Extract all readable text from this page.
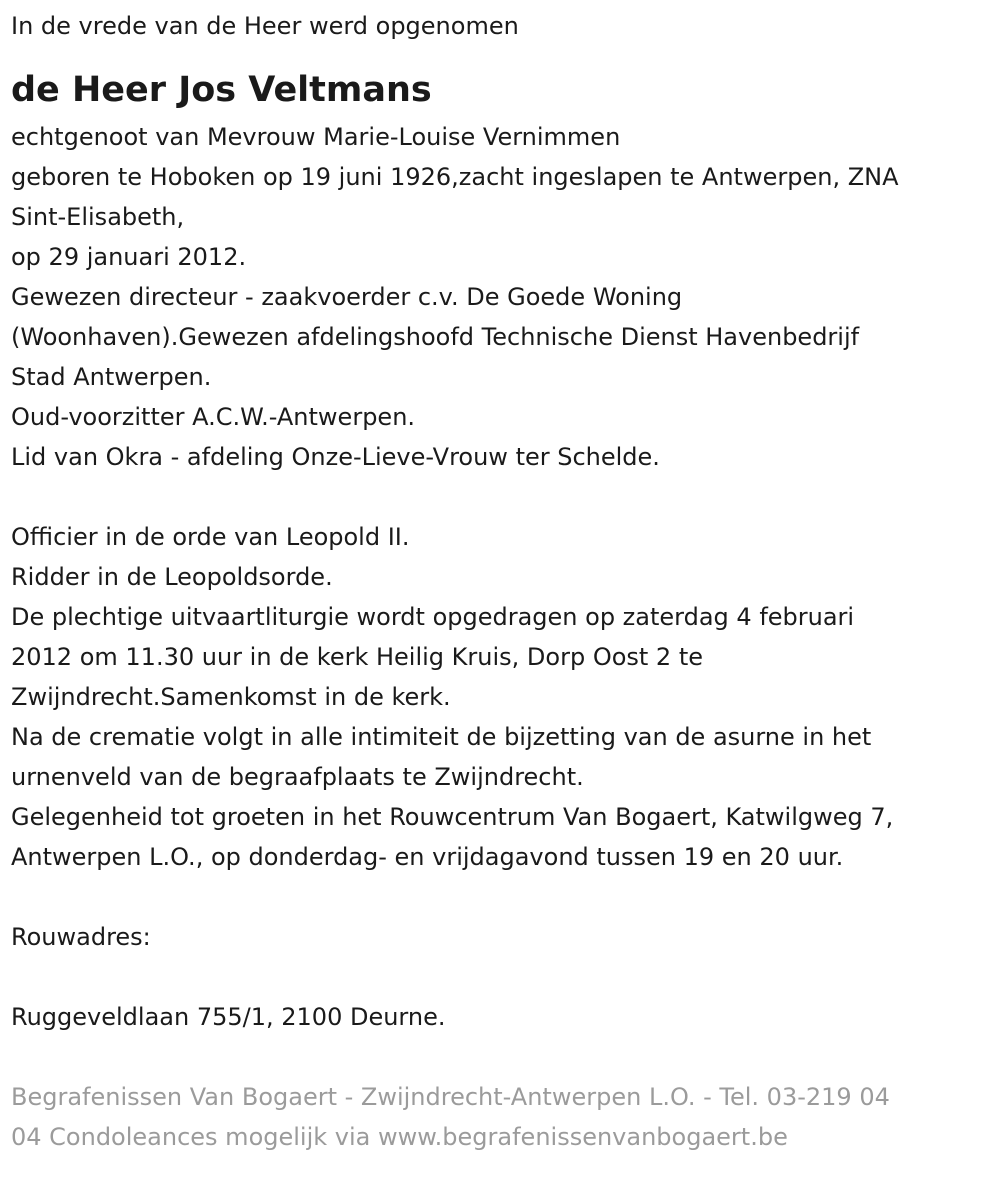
In de vrede van de Heer werd opgenomen

de Heer Jos Veltmans
echtgenoot van Mevrouw Marie-Louise Vernimmen
geboren te Hoboken op 19 juni 1926,zacht ingeslapen te Antwerpen, ZNA
Sint-Elisabeth,
op 29 januari 2012.
Gewezen directeur - zaakvoerder c.v. De Goede Woning
(Woonhaven).Gewezen afdelingshoofd Technische Dienst Havenbedrijf
Stad Antwerpen.
Oud-voorzitter A.C.W.-Antwerpen.
Lid van Okra - afdeling Onze-Lieve-Vrouw ter Schelde.
Officier in de orde van Leopold II.
Ridder in de Leopoldsorde.
De plechtige uitvaartliturgie wordt opgedragen op zaterdag 4 februari
2012 om 11.30 uur in de kerk Heilig Kruis, Dorp Oost 2 te
Zwijndrecht.Samenkomst in de kerk.
Na de crematie volgt in alle intimiteit de bijzetting van de asurne in het
urnenveld van de begraafplaats te Zwijndrecht.
Gelegenheid tot groeten in het Rouwcentrum Van Bogaert, Katwilgweg 7,
Antwerpen L.O., op donderdag- en vrijdagavond tussen 19 en 20 uur.
Rouwadres:
Ruggeveldlaan 755/1, 2100 Deurne.
Begrafenissen Van Bogaert - Zwijndrecht-Antwerpen L.O. - Tel. 03-219 04
04 Condoleances mogelijk via www.begrafenissenvanbogaert.be
